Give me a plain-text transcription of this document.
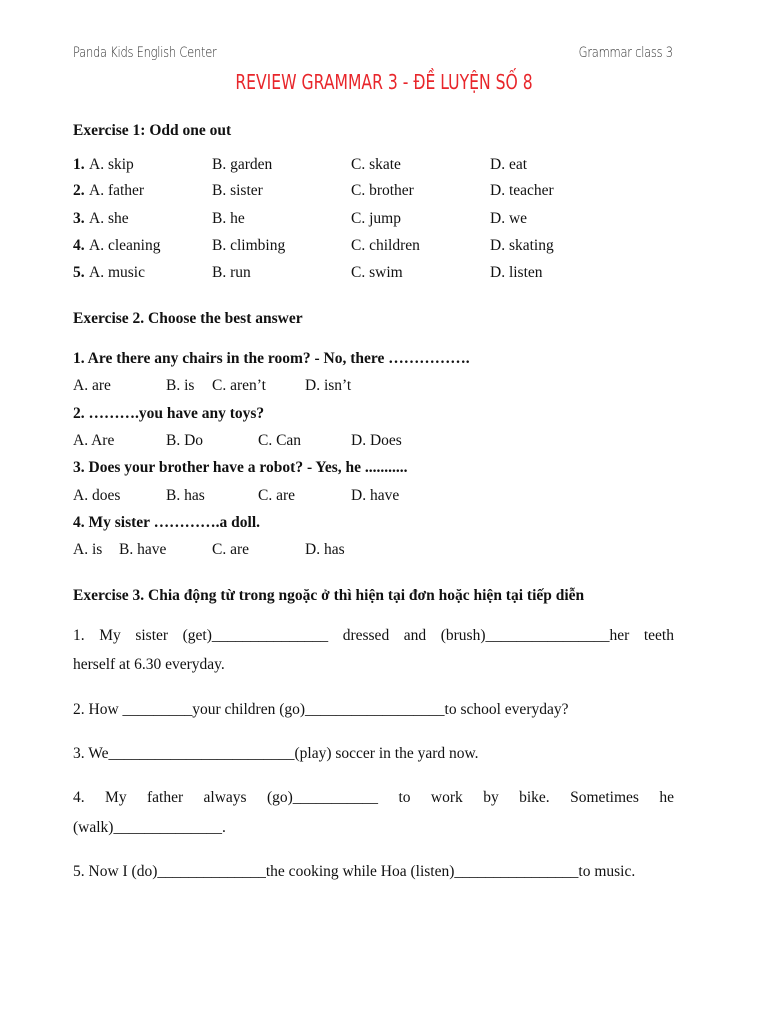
Panda Kids English Center	Grammar class 3
REVIEW GRAMMAR 3 - ĐỀ LUYỆN SỐ 8
Exercise 1: Odd one out
1. A. skip	B. garden	C. skate	D. eat
2. A. father	B. sister	C. brother	D. teacher
3. A. she	B. he	C. jump	D. we
4. A. cleaning	B. climbing	C. children	D. skating
5. A. music	B. run	C. swim	D. listen
Exercise 2. Choose the best answer
1. Are there any chairs in the room? - No, there …………….
A. are	B. is C. aren’t	D. isn’t
2. ……….you have any toys?
A. Are	B. Do	C. Can	D. Does
3. Does your brother have a robot? - Yes, he ...........
A. does	B. has	C. are	D. have
4. My sister ………….a doll.
A. is B. have	C. are	D. has
Exercise 3. Chia động từ trong ngoặc ở thì hiện tại đơn hoặc hiện tại tiếp diễn
1. My sister (get)_______________ dressed and (brush)________________her teeth
herself at 6.30 everyday.
2. How _________your children (go)__________________to school everyday?
3. We________________________(play) soccer in the yard now.
4. My father always (go)___________ to work by bike. Sometimes he
(walk)______________.
5. Now I (do)______________the cooking while Hoa (listen)________________to music.
